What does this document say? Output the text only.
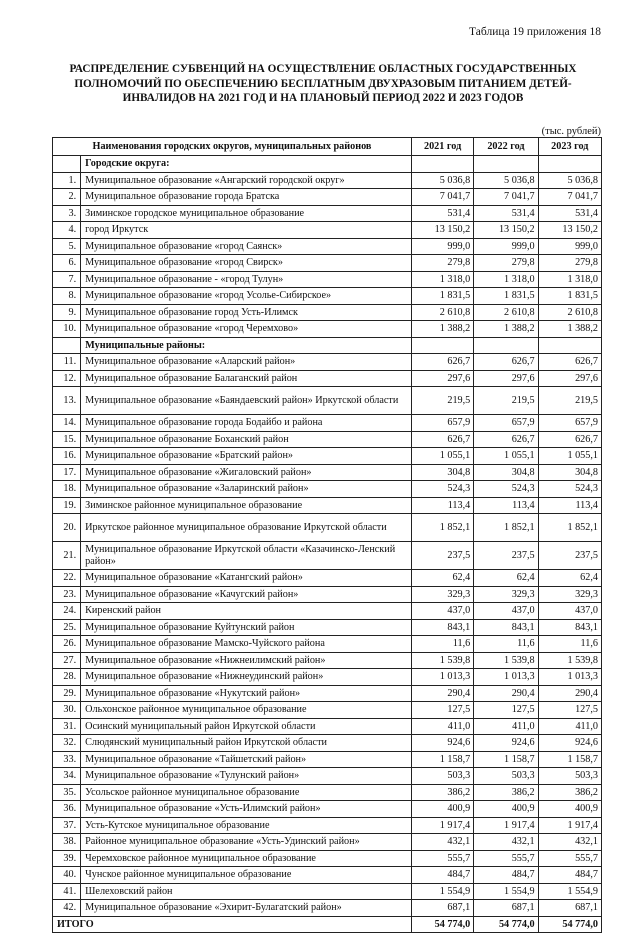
Таблица 19 приложения 18
РАСПРЕДЕЛЕНИЕ СУБВЕНЦИЙ НА ОСУЩЕСТВЛЕНИЕ ОБЛАСТНЫХ ГОСУДАРСТВЕННЫХ ПОЛНОМОЧИЙ ПО ОБЕСПЕЧЕНИЮ БЕСПЛАТНЫМ ДВУХРАЗОВЫМ ПИТАНИЕМ ДЕТЕЙ-ИНВАЛИДОВ НА 2021 ГОД И НА ПЛАНОВЫЙ ПЕРИОД 2022 И 2023 ГОДОВ
(тыс. рублей)
Наименования городских округов, муниципальных районов		2021 год	2022 год	2023 год
	Городские округа:			
1.	Муниципальное образование «Ангарский городской округ»	5 036,8	5 036,8	5 036,8
2.	Муниципальное образование города Братска	7 041,7	7 041,7	7 041,7
3.	Зиминское городское муниципальное образование	531,4	531,4	531,4
4.	город Иркутск	13 150,2	13 150,2	13 150,2
5.	Муниципальное образование «город Саянск»	999,0	999,0	999,0
6.	Муниципальное образование «город Свирск»	279,8	279,8	279,8
7.	Муниципальное образование - «город Тулун»	1 318,0	1 318,0	1 318,0
8.	Муниципальное образование «город Усолье-Сибирское»	1 831,5	1 831,5	1 831,5
9.	Муниципальное образование город Усть-Илимск	2 610,8	2 610,8	2 610,8
10.	Муниципальное образование «город Черемхово»	1 388,2	1 388,2	1 388,2
	Муниципальные районы:			
11.	Муниципальное образование «Аларский район»	626,7	626,7	626,7
12.	Муниципальное образование Балаганский район	297,6	297,6	297,6
13.	Муниципальное образование «Баяндаевский район» Иркутской области	219,5	219,5	219,5
14.	Муниципальное образование города Бодайбо и района	657,9	657,9	657,9
15.	Муниципальное образование Боханский район	626,7	626,7	626,7
16.	Муниципальное образование «Братский район»	1 055,1	1 055,1	1 055,1
17.	Муниципальное образование «Жигаловский район»	304,8	304,8	304,8
18.	Муниципальное образование «Заларинский район»	524,3	524,3	524,3
19.	Зиминское районное муниципальное образование	113,4	113,4	113,4
20.	Иркутское районное муниципальное образование Иркутской области	1 852,1	1 852,1	1 852,1
21.	Муниципальное образование Иркутской области «Казачинско-Ленский район»	237,5	237,5	237,5
22.	Муниципальное образование «Катангский район»	62,4	62,4	62,4
23.	Муниципальное образование «Качугский район»	329,3	329,3	329,3
24.	Киренский район	437,0	437,0	437,0
25.	Муниципальное образование Куйтунский район	843,1	843,1	843,1
26.	Муниципальное образование Мамско-Чуйского района	11,6	11,6	11,6
27.	Муниципальное образование «Нижнеилимский район»	1 539,8	1 539,8	1 539,8
28.	Муниципальное образование «Нижнеудинский район»	1 013,3	1 013,3	1 013,3
29.	Муниципальное образование «Нукутский район»	290,4	290,4	290,4
30.	Ольхонское районное муниципальное образование	127,5	127,5	127,5
31.	Осинский муниципальный район Иркутской области	411,0	411,0	411,0
32.	Слюдянский муниципальный район Иркутской области	924,6	924,6	924,6
33.	Муниципальное образование «Тайшетский район»	1 158,7	1 158,7	1 158,7
34.	Муниципальное образование «Тулунский район»	503,3	503,3	503,3
35.	Усольское районное муниципальное образование	386,2	386,2	386,2
36.	Муниципальное образование «Усть-Илимский район»	400,9	400,9	400,9
37.	Усть-Кутское муниципальное образование	1 917,4	1 917,4	1 917,4
38.	Районное муниципальное образование «Усть-Удинский район»	432,1	432,1	432,1
39.	Черемховское районное муниципальное образование	555,7	555,7	555,7
40.	Чунское районное муниципальное образование	484,7	484,7	484,7
41.	Шелеховский район	1 554,9	1 554,9	1 554,9
42.	Муниципальное образование «Эхирит-Булагатский район»	687,1	687,1	687,1
ИТОГО		54 774,0	54 774,0	54 774,0
